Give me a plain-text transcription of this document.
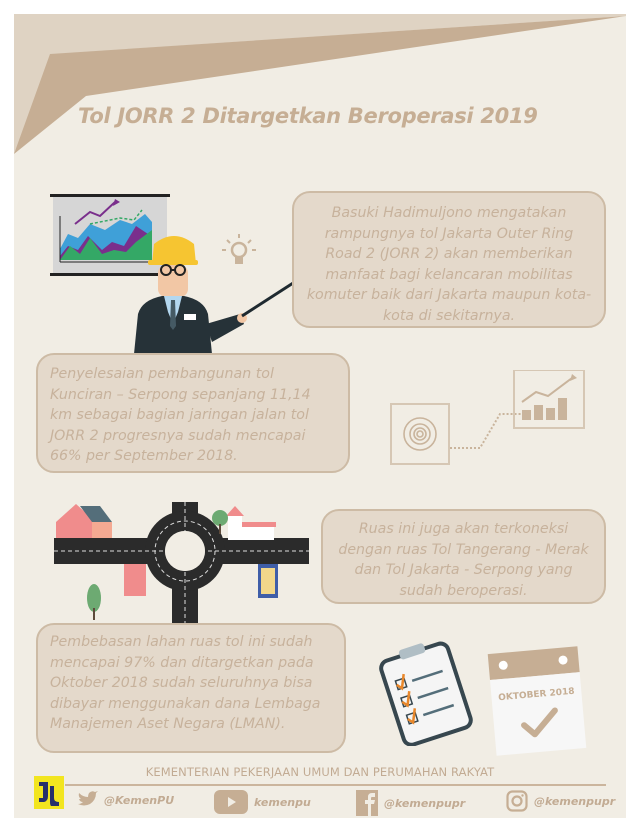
Tol JORR 2 Ditargetkan Beroperasi 2019
Basuki Hadimuljono mengatakan rampungnya tol Jakarta Outer Ring Road 2 (JORR 2) akan memberikan manfaat bagi kelancaran mobilitas komuter baik dari Jakarta maupun kota-kota di sekitarnya.
Penyelesaian pembangunan tol Kunciran – Serpong sepanjang 11,14 km sebagai bagian jaringan jalan tol JORR 2 progresnya sudah mencapai 66% per September 2018.
Ruas ini juga akan terkoneksi dengan ruas Tol Tangerang - Merak dan Tol Jakarta - Serpong yang sudah beroperasi.
Pembebasan lahan ruas tol ini sudah mencapai 97% dan ditargetkan pada Oktober 2018 sudah seluruhnya bisa dibayar menggunakan dana Lembaga Manajemen Aset Negara (LMAN).
OKTOBER 2018
KEMENTERIAN PEKERJAAN UMUM DAN PERUMAHAN RAKYAT
@KemenPU	kemenpu	@kemenpupr	@kemenpupr
